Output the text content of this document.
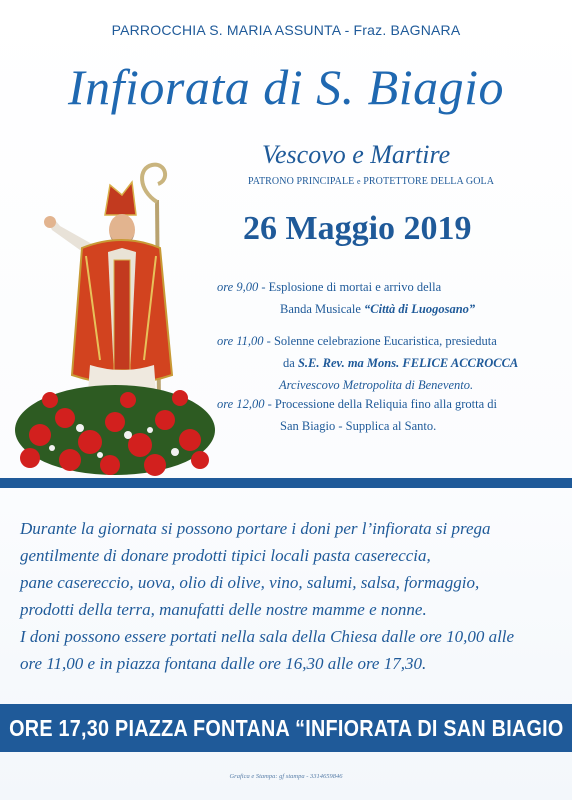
PARROCCHIA S. MARIA ASSUNTA - Fraz. BAGNARA
Infiorata di S. Biagio
Vescovo e Martire
PATRONO PRINCIPALE e PROTETTORE DELLA GOLA
26 Maggio 2019
ore 9,00 - Esplosione di mortai e arrivo della
Banda Musicale “Città di Luogosano”
ore 11,00 - Solenne celebrazione Eucaristica, presieduta
da S.E. Rev. ma Mons. FELICE ACCROCCA
Arcivescovo Metropolita di Benevento.
ore 12,00 - Processione della Reliquia fino alla grotta di
San Biagio - Supplica al Santo.
Durante la giornata si possono portare i doni per l’infiorata si prega
gentilmente di donare prodotti tipici locali pasta casereccia,
pane casereccio, uova, olio di olive, vino, salumi, salsa, formaggio,
prodotti della terra, manufatti delle nostre mamme e nonne.
I doni possono essere portati nella sala della Chiesa dalle ore 10,00 alle
ore 11,00 e in piazza fontana dalle ore 16,30 alle ore 17,30.
ORE 17,30 PIAZZA FONTANA “INFIORATA DI SAN BIAGIO
Grafica e Stampa: gf stampa - 3314659846
